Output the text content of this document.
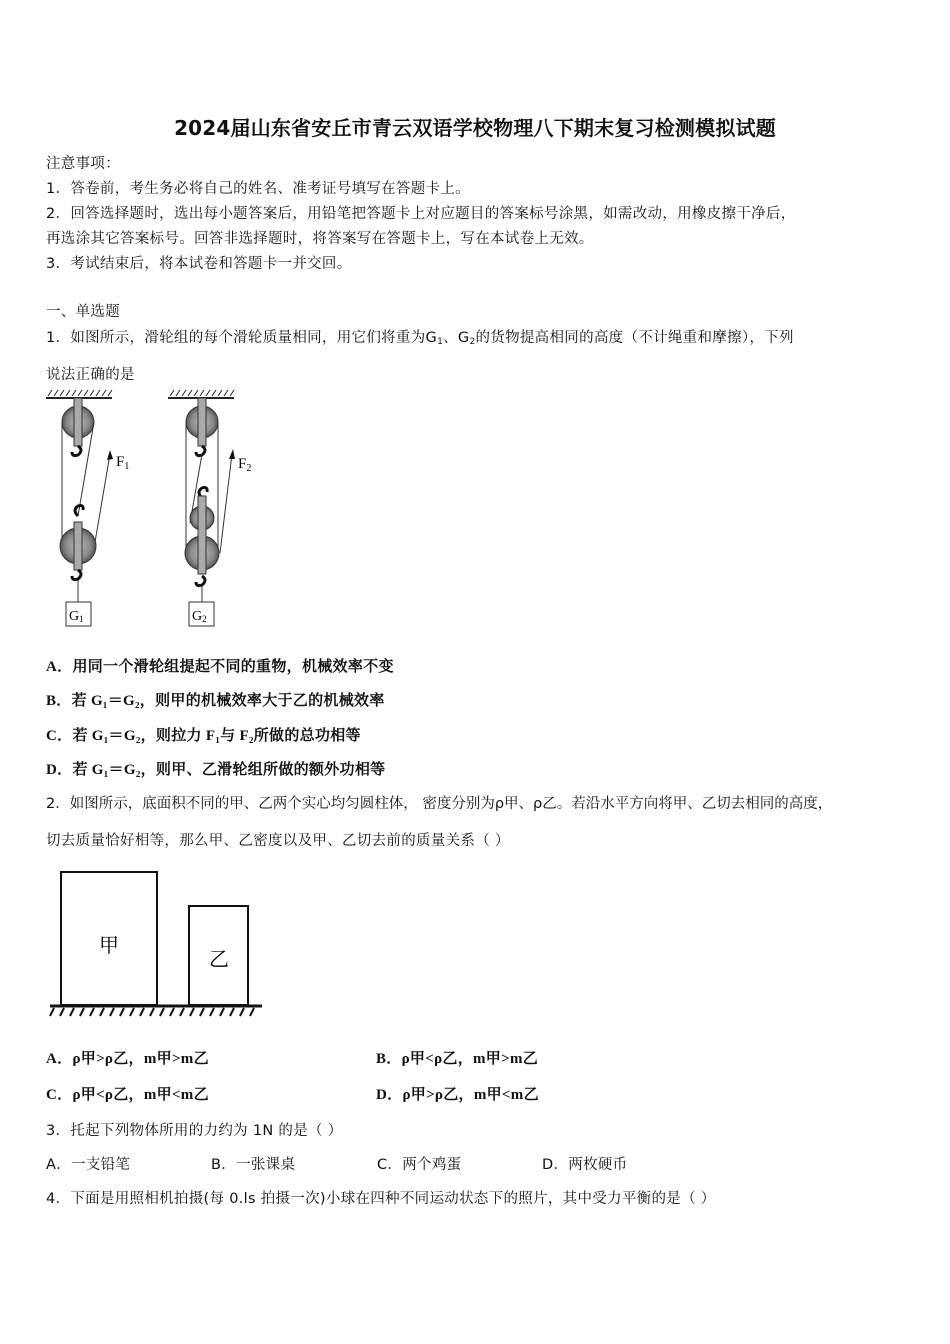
2024届山东省安丘市青云双语学校物理八下期末复习检测模拟试题
注意事项：
1．答卷前，考生务必将自己的姓名、准考证号填写在答题卡上。
2．回答选择题时，选出每小题答案后，用铅笔把答题卡上对应题目的答案标号涂黑，如需改动，用橡皮擦干净后，
再选涂其它答案标号。回答非选择题时，将答案写在答题卡上，写在本试卷上无效。
3．考试结束后，将本试卷和答题卡一并交回。
一、单选题
1．如图所示，滑轮组的每个滑轮质量相同，用它们将重为$G_1$、$G_2$的货物提高相同的高度（不计绳重和摩擦），下列
说法正确的是
$F_1$
G1
$F_2$
G2
A．用同一个滑轮组提起不同的重物，机械效率不变
B．若 G₁＝G₂，则甲的机械效率大于乙的机械效率
C．若 G₁＝G₂，则拉力 F₁与 F₂所做的总功相等
D．若 G₁＝G₂，则甲、乙滑轮组所做的额外功相等
2．如图所示，底面积不同的甲、乙两个实心均匀圆柱体， 密度分别为ρ甲、ρ乙。若沿水平方向将甲、乙切去相同的高度，
切去质量恰好相等，那么甲、乙密度以及甲、乙切去前的质量关系（ ）
甲
乙
A．ρ甲>ρ乙，m甲>m乙	B．ρ甲<ρ乙，m甲>m乙
C．ρ甲<ρ乙，m甲<m乙	D．ρ甲>ρ乙，m甲<m乙
3．托起下列物体所用的力约为 1N 的是（ ）
A．一支铅笔	B．一张课桌	C．两个鸡蛋	D．两枚硬币
4．下面是用照相机拍摄(每 0.ls 拍摄一次)小球在四种不同运动状态下的照片，其中受力平衡的是（ ）
